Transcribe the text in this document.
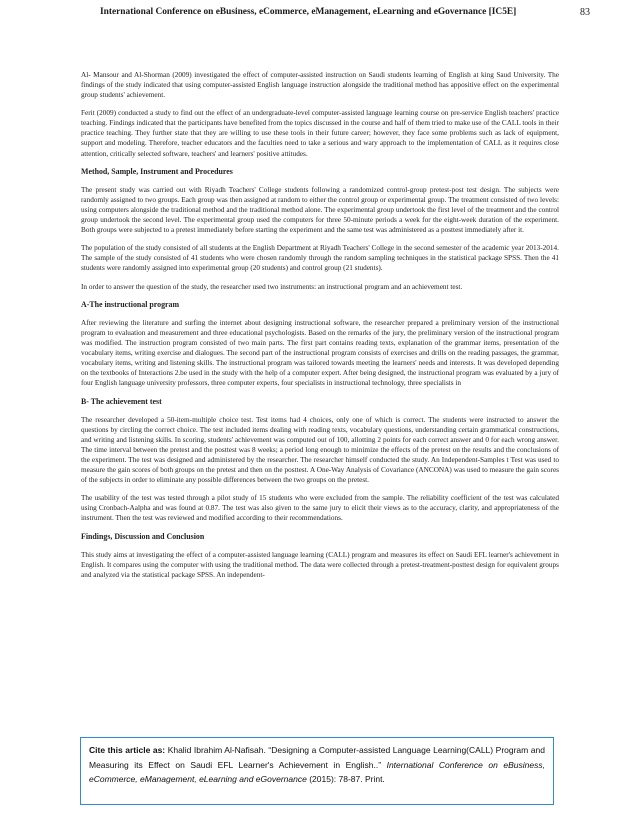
International Conference on eBusiness, eCommerce, eManagement, eLearning and eGovernance [IC5E]	83

Al- Mansour and Al-Shorman (2009) investigated the effect of computer-assisted instruction on Saudi students learning of English at king Saud University. The findings of the study indicated that using computer-assisted English language instruction alongside the traditional method has appositive effect on the experimental group students' achievement.

Ferit (2009) conducted a study to find out the effect of an undergraduate-level computer-assisted language learning course on pre-service English teachers' practice teaching. Findings indicated that the participants have benefited from the topics discussed in the course and half of them tried to make use of the CALL tools in their practice teaching. They further state that they are willing to use these tools in their future career; however, they face some problems such as lack of equipment, support and modeling. Therefore, teacher educators and the faculties need to take a serious and wary approach to the implementation of CALL as it requires close attention, critically selected software, teachers' and learners' positive attitudes.

Method, Sample, Instrument and Procedures

The present study was carried out with Riyadh Teachers' College students following a randomized control-group pretest-post test design. The subjects were randomly assigned to two groups. Each group was then assigned at random to either the control group or experimental group. The treatment consisted of two levels: using computers alongside the traditional method and the traditional method alone. The experimental group undertook the first level of the treatment and the control group undertook the second level. The experimental group used the computers for three 50-minute periods a week for the eight-week duration of the experiment. Both groups were subjected to a pretest immediately before starting the experiment and the same test was administered as a posttest immediately after it.

The population of the study consisted of all students at the English Department at Riyadh Teachers' College in the second semester of the academic year 2013-2014. The sample of the study consisted of 41 students who were chosen randomly through the random sampling techniques in the statistical package SPSS. Then the 41 students were randomly assigned into experimental group (20 students) and control group (21 students).

In order to answer the question of the study, the researcher used two instruments: an instructional program and an achievement test.

A-The instructional program

After reviewing the literature and surfing the internet about designing instructional software, the researcher prepared a preliminary version of the instructional program to evaluation and measurement and three educational psychologists. Based on the remarks of the jury, the preliminary version of the instructional program was modified. The instruction program consisted of two main parts. The first part contains reading texts, explanation of the grammar items, presentation of the vocabulary items, writing exercise and dialogues. The second part of the instructional program consists of exercises and drills on the reading passages, the grammar, vocabulary items, writing and listening skills. The instructional program was tailored towards meeting the learners' needs and interests. It was developed depending on the textbooks of Interactions 2.be used in the study with the help of a computer expert. After being designed, the instructional program was evaluated by a jury of four English language university professors, three computer experts, four specialists in instructional technology, three specialists in

B- The achievement test

The researcher developed a 50-item-multiple choice test. Test items had 4 choices, only one of which is correct. The students were instructed to answer the questions by circling the correct choice. The test included items dealing with reading texts, vocabulary questions, understanding certain grammatical constructions, and writing and listening skills. In scoring, students' achievement was computed out of 100, allotting 2 points for each correct answer and 0 for each wrong answer. The time interval between the pretest and the posttest was 8 weeks; a period long enough to minimize the effects of the pretest on the results and the conclusions of the experiment. The test was designed and administered by the researcher. The researcher himself conducted the study. An Independent-Samples t Test was used to measure the gain scores of both groups on the pretest and then on the posttest. A One-Way Analysis of Covariance (ANCONA) was used to measure the gain scores of the subjects in order to eliminate any possible differences between the two groups on the pretest.

The usability of the test was tested through a pilot study of 15 students who were excluded from the sample. The reliability coefficient of the test was calculated using Cronbach-Aalpha and was found at 0.87. The test was also given to the same jury to elicit their views as to the accuracy, clarity, and appropriateness of the instrument. Then the test was reviewed and modified according to their recommendations.

Findings, Discussion and Conclusion

This study aims at investigating the effect of a computer-assisted language learning (CALL) program and measures its effect on Saudi EFL learner's achievement in English. It compares using the computer with using the traditional method. The data were collected through a pretest-treatment-posttest design for equivalent groups and analyzed via the statistical package SPSS. An independent-

Cite this article as: Khalid Ibrahim Al-Nafisah. “Designing a Computer-assisted Language Learning(CALL) Program and Measuring its Effect on Saudi EFL Learner's Achievement in English..” International Conference on eBusiness, eCommerce, eManagement, eLearning and eGovernance (2015): 78-87. Print.
